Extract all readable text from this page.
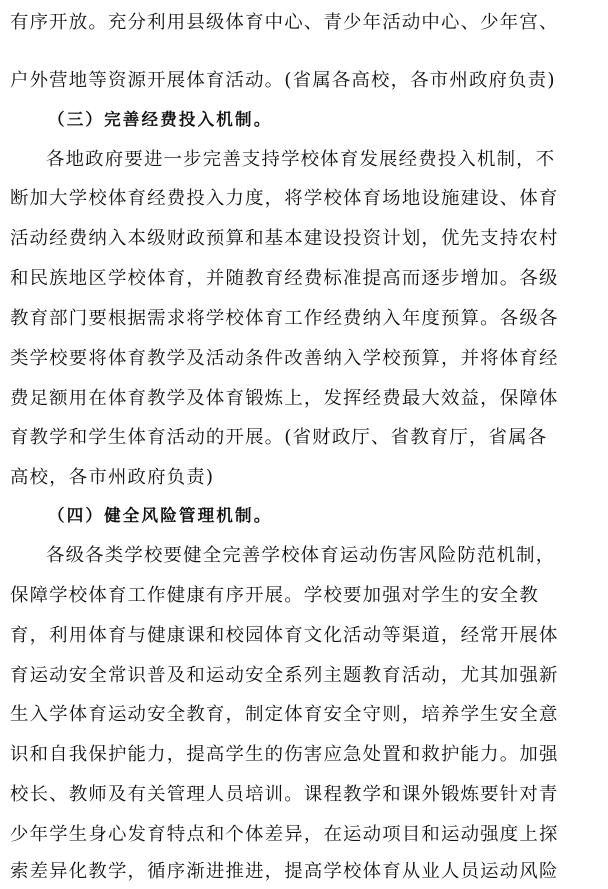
有序开放。充分利用县级体育中心、青少年活动中心、少年宫、
户外营地等资源开展体育活动。(省属各高校，各市州政府负责)
（三）完善经费投入机制。
各地政府要进一步完善支持学校体育发展经费投入机制，不
断加大学校体育经费投入力度，将学校体育场地设施建设、体育
活动经费纳入本级财政预算和基本建设投资计划，优先支持农村
和民族地区学校体育，并随教育经费标准提高而逐步增加。各级
教育部门要根据需求将学校体育工作经费纳入年度预算。各级各
类学校要将体育教学及活动条件改善纳入学校预算，并将体育经
费足额用在体育教学及体育锻炼上，发挥经费最大效益，保障体
育教学和学生体育活动的开展。(省财政厅、省教育厅，省属各
高校，各市州政府负责)
（四）健全风险管理机制。
各级各类学校要健全完善学校体育运动伤害风险防范机制，
保障学校体育工作健康有序开展。学校要加强对学生的安全教
育，利用体育与健康课和校园体育文化活动等渠道，经常开展体
育运动安全常识普及和运动安全系列主题教育活动，尤其加强新
生入学体育运动安全教育，制定体育安全守则，培养学生安全意
识和自我保护能力，提高学生的伤害应急处置和救护能力。加强
校长、教师及有关管理人员培训。课程教学和课外锻炼要针对青
少年学生身心发育特点和个体差异，在运动项目和运动强度上探
索差异化教学，循序渐进推进，提高学校体育从业人员运动风险
